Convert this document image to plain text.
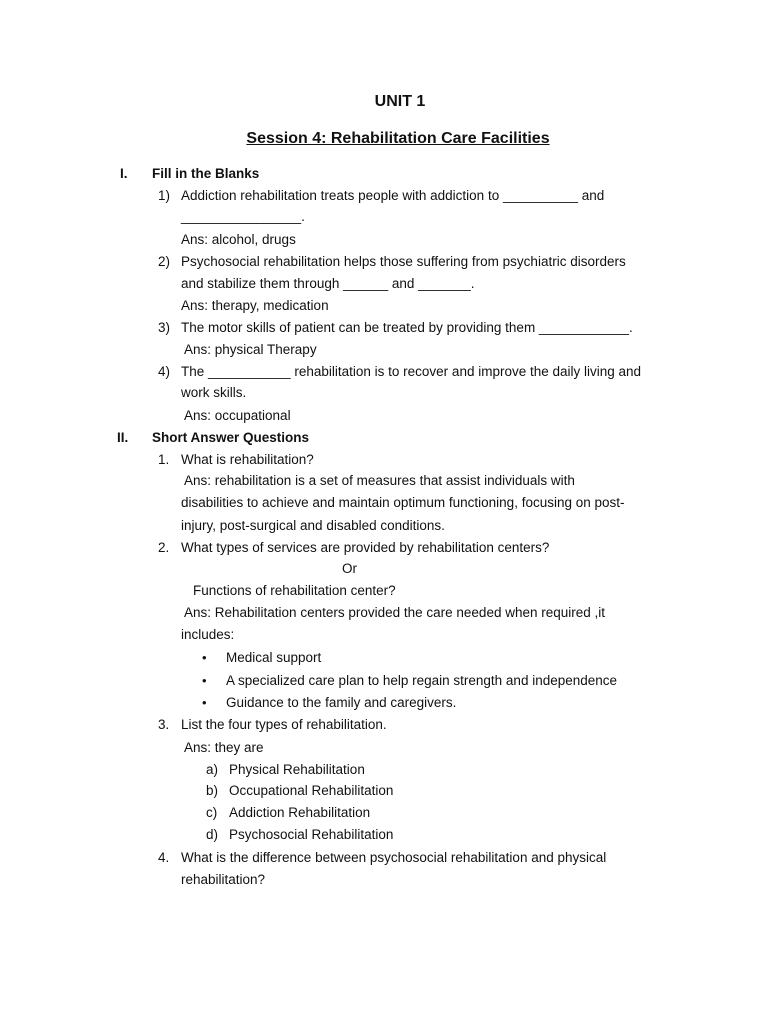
UNIT 1
Session 4: Rehabilitation Care Facilities
I. Fill in the Blanks
1) Addiction rehabilitation treats people with addiction to __________ and
________________.
Ans: alcohol, drugs
2) Psychosocial rehabilitation helps those suffering from psychiatric disorders
and stabilize them through ______ and _______.
Ans: therapy, medication
3) The motor skills of patient can be treated by providing them ____________.
Ans: physical Therapy
4) The ___________ rehabilitation is to recover and improve the daily living and
work skills.
Ans: occupational
II. Short Answer Questions
1. What is rehabilitation?
Ans: rehabilitation is a set of measures that assist individuals with
disabilities to achieve and maintain optimum functioning, focusing on post-
injury, post-surgical and disabled conditions.
2. What types of services are provided by rehabilitation centers?
Or
Functions of rehabilitation center?
Ans: Rehabilitation centers provided the care needed when required ,it
includes:
• Medical support
• A specialized care plan to help regain strength and independence
• Guidance to the family and caregivers.
3. List the four types of rehabilitation.
Ans: they are
a) Physical Rehabilitation
b) Occupational Rehabilitation
c) Addiction Rehabilitation
d) Psychosocial Rehabilitation
4. What is the difference between psychosocial rehabilitation and physical
rehabilitation?
